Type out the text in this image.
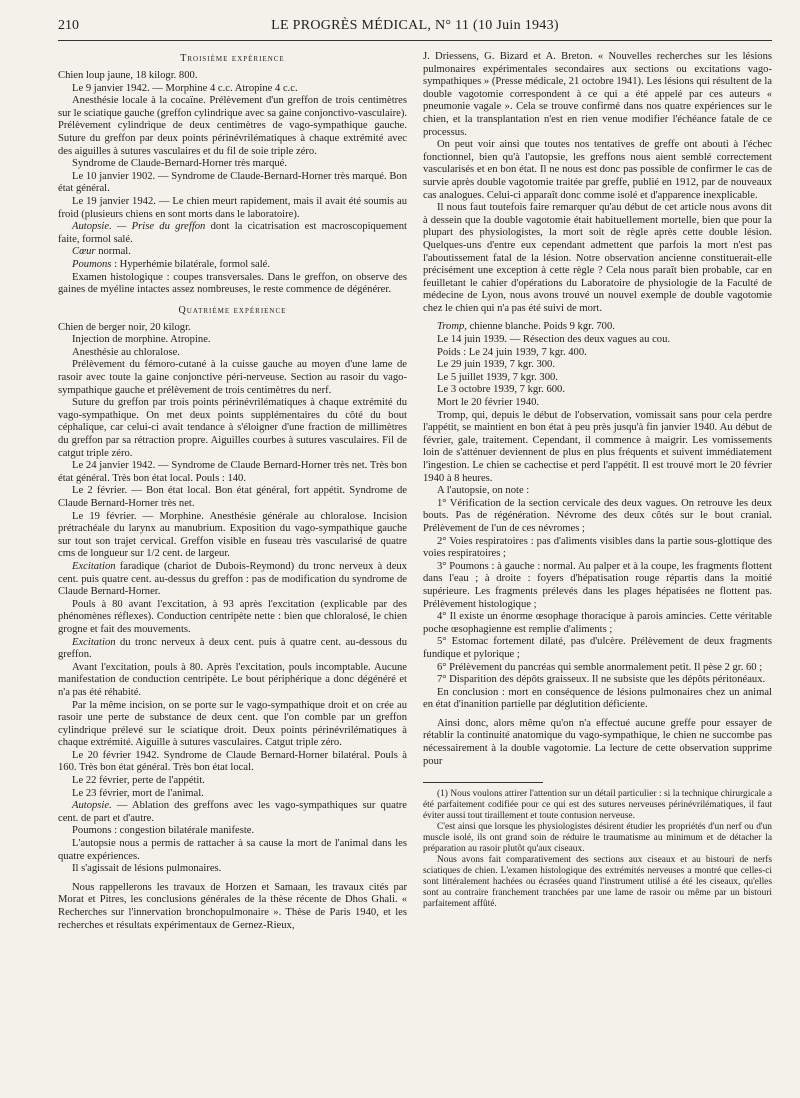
210	LE PROGRÈS MÉDICAL, N° 11 (10 Juin 1943)
Troisième expérience

Chien loup jaune, 18 kilogr. 800.

Le 9 janvier 1942. — Morphine 4 c.c. Atropine 4 c.c.

Anesthésie locale à la cocaïne. Prélèvement d'un greffon de trois centimètres sur le sciatique gauche (greffon cylindrique avec sa gaine conjonctivo-vasculaire). Prélèvement cylindrique de deux centimètres de vago-sympathique gauche. Suture du greffon par deux points périnévrilématiques à chaque extrémité avec des aiguilles à sutures vasculaires et du fil de soie triple zéro.

Syndrome de Claude-Bernard-Horner très marqué.

Le 10 janvier 1902. — Syndrome de Claude-Bernard-Horner très marqué. Bon état général.

Le 19 janvier 1942. — Le chien meurt rapidement, mais il avait été soumis au froid (plusieurs chiens en sont morts dans le laboratoire).

Autopsie. — Prise du greffon dont la cicatrisation est macroscopiquement faite, formol salé.

Cœur normal.

Poumons : Hyperhémie bilatérale, formol salé.

Examen histologique : coupes transversales. Dans le greffon, on observe des gaines de myéline intactes assez nombreuses, le reste commence de dégénérer.

Quatrième expérience

Chien de berger noir, 20 kilogr.

Injection de morphine. Atropine.

Anesthésie au chloralose.

Prélèvement du fémoro-cutané à la cuisse gauche au moyen d'une lame de rasoir avec toute la gaine conjonctive péri-nerveuse. Section au rasoir du vago-sympathique gauche et prélèvement de trois centimètres du nerf.

Suture du greffon par trois points périnévrilématiques à chaque extrémité du vago-sympathique. On met deux points supplémentaires du côté du bout céphalique, car celui-ci avait tendance à s'éloigner d'une fraction de millimètres du greffon par sa rétraction propre. Aiguilles courbes à sutures vasculaires. Fil de catgut triple zéro.

Le 24 janvier 1942. — Syndrome de Claude Bernard-Horner très net. Très bon état général. Très bon état local. Pouls : 140.

Le 2 février. — Bon état local. Bon état général, fort appétit. Syndrome de Claude Bernard-Horner très net.

Le 19 février. — Morphine. Anesthésie générale au chloralose. Incision prétrachéale du larynx au manubrium. Exposition du vago-sympathique gauche sur tout son trajet cervical. Greffon visible en fuseau très vascularisé de quatre cms de longueur sur 1/2 cent. de largeur.

Excitation faradique (chariot de Dubois-Reymond) du tronc nerveux à deux cent. puis quatre cent. au-dessus du greffon : pas de modification du syndrome de Claude Bernard-Horner.

Pouls à 80 avant l'excitation, à 93 après l'excitation (explicable par des phénomènes réflexes). Conduction centripète nette : bien que chloralosé, le chien grogne et fait des mouvements.

Excitation du tronc nerveux à deux cent. puis à quatre cent. au-dessous du greffon.

Avant l'excitation, pouls à 80. Après l'excitation, pouls incomptable. Aucune manifestation de conduction centripète. Le bout périphérique a donc dégénéré et n'a pas été réhabité.

Par la même incision, on se porte sur le vago-sympathique droit et on crée au rasoir une perte de substance de deux cent. que l'on comble par un greffon cylindrique prélevé sur le sciatique droit. Deux points périnévrilématiques à chaque extrémité. Aiguille à sutures vasculaires. Catgut triple zéro.

Le 20 février 1942. Syndrome de Claude Bernard-Horner bilatéral. Pouls à 160. Très bon état général. Très bon état local.

Le 22 février, perte de l'appétit.

Le 23 février, mort de l'animal.

Autopsie. — Ablation des greffons avec les vago-sympathiques sur quatre cent. de part et d'autre.

Poumons : congestion bilatérale manifeste.

L'autopsie nous a permis de rattacher à sa cause la mort de l'animal dans les quatre expériences.

Il s'agissait de lésions pulmonaires.

Nous rappellerons les travaux de Horzen et Samaan, les travaux cités par Morat et Pitres, les conclusions générales de la thèse récente de Dhos Ghali. « Recherches sur l'innervation bronchopulmonaire ». Thèse de Paris 1940, et les recherches et résultats expérimentaux de Gernez-Rieux,

J. Driessens, G. Bizard et A. Breton. « Nouvelles recherches sur les lésions pulmonaires expérimentales secondaires aux sections ou excitations vago-sympathiques » (Presse médicale, 21 octobre 1941). Les lésions qui résultent de la double vagotomie correspondent à ce qui a été appelé par ces auteurs « pneumonie vagale ». Cela se trouve confirmé dans nos quatre expériences sur le chien, et la transplantation n'est en rien venue modifier l'échéance fatale de ce processus.

On peut voir ainsi que toutes nos tentatives de greffe ont abouti à l'échec fonctionnel, bien qu'à l'autopsie, les greffons nous aient semblé correctement vascularisés et en bon état. Il ne nous est donc pas possible de confirmer le cas de survie après double vagotomie traitée par greffe, publié en 1912, par de nouveaux cas analogues. Celui-ci apparaît donc comme isolé et d'apparence inexplicable.

Il nous faut toutefois faire remarquer qu'au début de cet article nous avons dit à dessein que la double vagotomie était habituellement mortelle, bien que pour la plupart des physiologistes, la mort soit de règle après cette double lésion. Quelques-uns d'entre eux cependant admettent que parfois la mort n'est pas l'aboutissement fatal de la lésion. Notre observation ancienne constituerait-elle précisément une exception à cette règle ? Cela nous paraît bien probable, car en feuilletant le cahier d'opérations du Laboratoire de physiologie de la Faculté de médecine de Lyon, nous avons trouvé un nouvel exemple de double vagotomie chez le chien qui n'a pas été suivi de mort.

Tromp, chienne blanche. Poids 9 kgr. 700.

Le 14 juin 1939. — Résection des deux vagues au cou.

Poids : Le 24 juin 1939, 7 kgr. 400.

Le 29 juin 1939, 7 kgr. 300.

Le 5 juillet 1939, 7 kgr. 300.

Le 3 octobre 1939, 7 kgr. 600.

Mort le 20 février 1940.

Tromp, qui, depuis le début de l'observation, vomissait sans pour cela perdre l'appétit, se maintient en bon état à peu près jusqu'à fin janvier 1940. Au début de février, gale, traitement. Cependant, il commence à maigrir. Les vomissements loin de s'atténuer deviennent de plus en plus fréquents et suivent immédiatement l'ingestion. Le chien se cachectise et perd l'appétit. Il est trouvé mort le 20 février 1940 à 8 heures.

A l'autopsie, on note :

1° Vérification de la section cervicale des deux vagues. On retrouve les deux bouts. Pas de régénération. Névrome des deux côtés sur le bout cranial. Prélèvement de l'un de ces névromes ;

2° Voies respiratoires : pas d'aliments visibles dans la partie sous-glottique des voies respiratoires ;

3° Poumons : à gauche : normal. Au palper et à la coupe, les fragments flottent dans l'eau ; à droite : foyers d'hépatisation rouge répartis dans la moitié supérieure. Les fragments prélevés dans les plages hépatisées ne flottent pas. Prélèvement histologique ;

4° Il existe un énorme œsophage thoracique à parois amincies. Cette véritable poche œsophagienne est remplie d'aliments ;

5° Estomac fortement dilaté, pas d'ulcère. Prélèvement de deux fragments fundique et pylorique ;

6° Prélèvement du pancréas qui semble anormalement petit. Il pèse 2 gr. 60 ;

7° Disparition des dépôts graisseux. Il ne subsiste que les dépôts péritonéaux.

En conclusion : mort en conséquence de lésions pulmonaires chez un animal en état d'inanition partielle par déglutition déficiente.

Ainsi donc, alors même qu'on n'a effectué aucune greffe pour essayer de rétablir la continuité anatomique du vago-sympathique, le chien ne succombe pas nécessairement à la double vagotomie. La lecture de cette observation supprime pour

(1) Nous voulons attirer l'attention sur un détail particulier : si la technique chirurgicale a été parfaitement codifiée pour ce qui est des sutures nerveuses périnévrilématiques, il faut éviter aussi tout tiraillement et toute contusion nerveuse.

C'est ainsi que lorsque les physiologistes désirent étudier les propriétés d'un nerf ou d'un muscle isolé, ils ont grand soin de réduire le traumatisme au minimum et de détacher la préparation au rasoir plutôt qu'aux ciseaux.

Nous avons fait comparativement des sections aux ciseaux et au bistouri de nerfs sciatiques de chien. L'examen histologique des extrémités nerveuses a montré que celles-ci sont littéralement hachées ou écrasées quand l'instrument utilisé a été les ciseaux, qu'elles sont au contraire franchement tranchées par une lame de rasoir ou même par un bistouri parfaitement affûté.
